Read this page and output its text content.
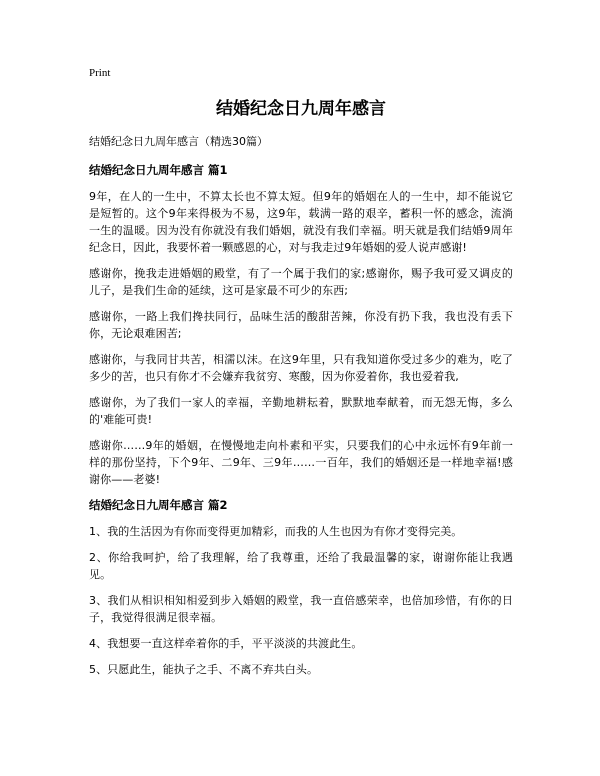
Print
结婚纪念日九周年感言
结婚纪念日九周年感言（精选30篇）
结婚纪念日九周年感言 篇1

9年，在人的一生中，不算太长也不算太短。但9年的婚姻在人的一生中，却不能说它是短暂的。这个9年来得极为不易，这9年，载满一路的艰辛，蓄积一怀的感念，流淌一生的温暖。因为没有你就没有我们婚姻，就没有我们幸福。明天就是我们结婚9周年纪念日，因此，我要怀着一颗感恩的心，对与我走过9年婚姻的爱人说声感谢!

感谢你，挽我走进婚姻的殿堂，有了一个属于我们的家;感谢你，赐予我可爱又调皮的儿子，是我们生命的延续，这可是家最不可少的东西;

感谢你，一路上我们搀扶同行，品味生活的酸甜苦辣，你没有扔下我，我也没有丢下你，无论艰难困苦;

感谢你，与我同甘共苦，相濡以沫。在这9年里，只有我知道你受过多少的难为，吃了多少的苦，也只有你才不会嫌弃我贫穷、寒酸，因为你爱着你，我也爱着我,

感谢你，为了我们一家人的幸福，辛勤地耕耘着，默默地奉献着，而无怨无悔，多么的'难能可贵!

感谢你……9年的婚姻，在慢慢地走向朴素和平实，只要我们的心中永远怀有9年前一样的那份坚持，下个9年、二9年、三9年……一百年，我们的婚姻还是一样地幸福!感谢你——老婆!

结婚纪念日九周年感言 篇2

1、我的生活因为有你而变得更加精彩，而我的人生也因为有你才变得完美。

2、你给我呵护，给了我理解，给了我尊重，还给了我最温馨的家，谢谢你能让我遇见。

3、我们从相识相知相爱到步入婚姻的殿堂，我一直倍感荣幸，也倍加珍惜，有你的日子，我觉得很满足很幸福。

4、我想要一直这样牵着你的手，平平淡淡的共渡此生。

5、只愿此生，能执子之手、不离不弃共白头。
